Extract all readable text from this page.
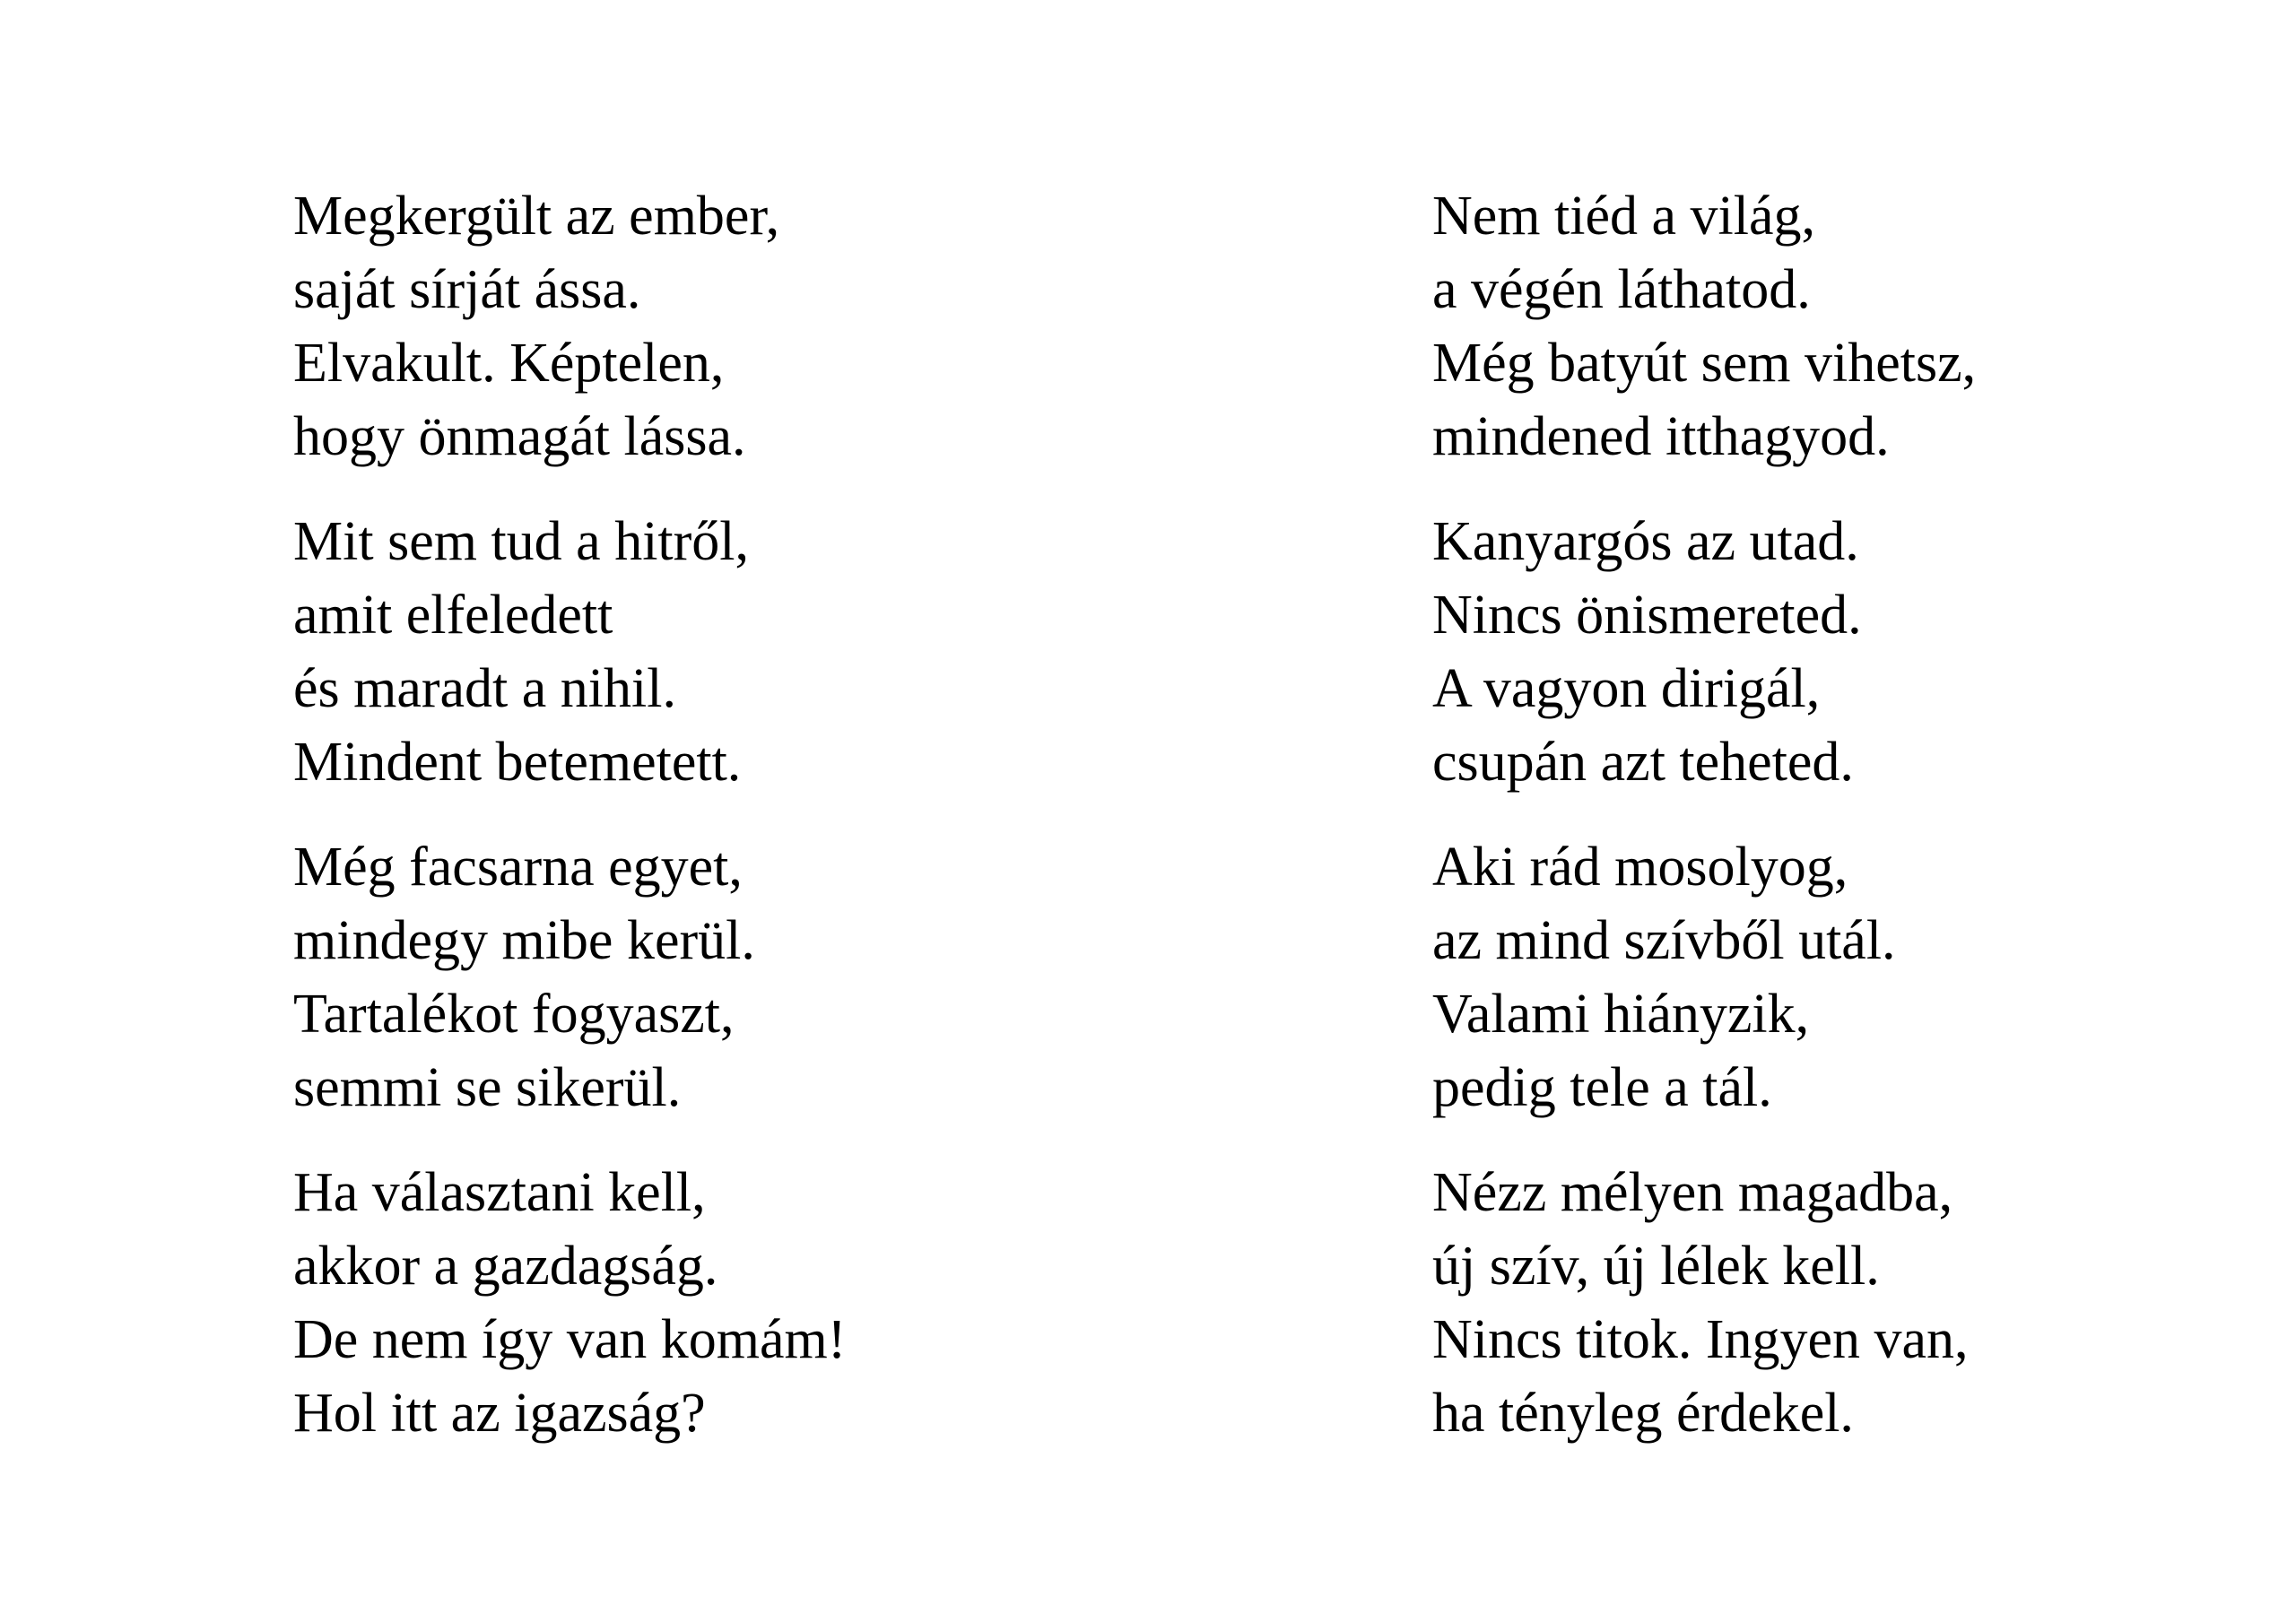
Megkergült az ember,
saját sírját ássa.
Elvakult. Képtelen,
hogy önmagát lássa.
Mit sem tud a hitről,
amit elfeledett
és maradt a nihil.
Mindent betemetett.
Még facsarna egyet,
mindegy mibe kerül.
Tartalékot fogyaszt,
semmi se sikerül.
Ha választani kell,
akkor a gazdagság.
De nem így van komám!
Hol itt az igazság?
Nem tiéd a világ,
a végén láthatod.
Még batyút sem vihetsz,
mindened itthagyod.
Kanyargós az utad.
Nincs önismereted.
A vagyon dirigál,
csupán azt teheted.
Aki rád mosolyog,
az mind szívből utál.
Valami hiányzik,
pedig tele a tál.
Nézz mélyen magadba,
új szív, új lélek kell.
Nincs titok. Ingyen van,
ha tényleg érdekel.
